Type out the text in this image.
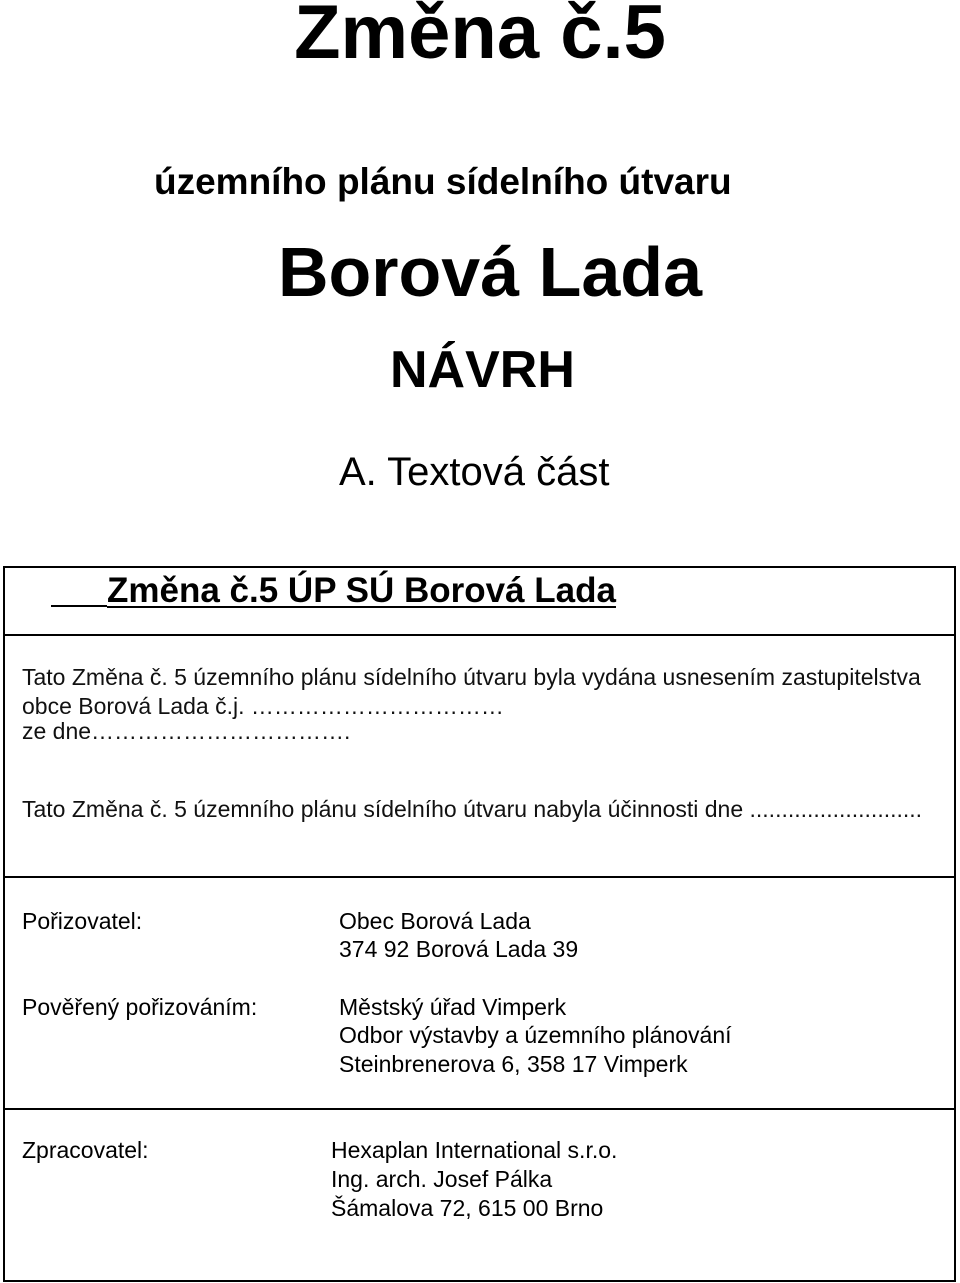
Změna č.5
územního plánu sídelního útvaru
Borová Lada
NÁVRH
A. Textová část
Změna č.5 ÚP SÚ Borová Lada
Tato Změna č. 5 územního plánu sídelního útvaru byla vydána usnesením zastupitelstva
obce Borová Lada č.j. ……………………………
ze dne…………………………….
Tato Změna č. 5 územního plánu sídelního útvaru nabyla účinnosti dne ...........................
Pořizovatel:	Obec Borová Lada
374 92 Borová Lada 39
Pověřený pořizováním:	Městský úřad Vimperk
Odbor výstavby a územního plánování
Steinbrenerova 6, 358 17 Vimperk
Zpracovatel:	Hexaplan International s.r.o.
Ing. arch. Josef Pálka
Šámalova 72, 615 00 Brno
